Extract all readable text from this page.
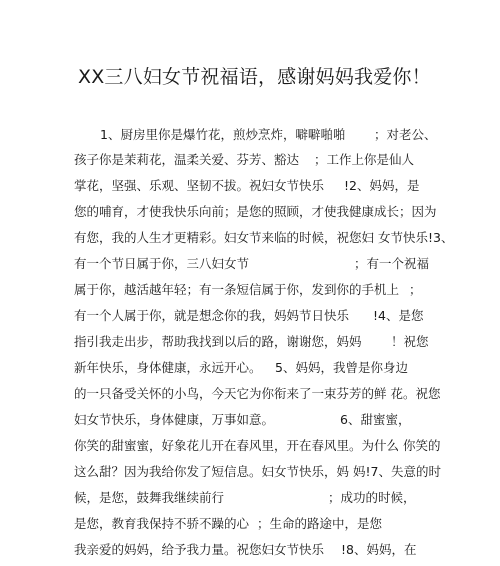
XX三八妇女节祝福语，感谢妈妈我爱你！
1、厨房里你是爆竹花，煎炒烹炸，噼噼啪啪 ；对老公、
孩子你是茉莉花，温柔关爱、芬芳、豁达 ；工作上你是仙人
掌花，坚强、乐观、坚韧不拔。祝妇女节快乐 !2、妈妈，是
您的哺育，才使我快乐向前；是您的照顾，才使我健康成长；因为
有您，我的人生才更精彩。妇女节来临的时候，祝您妇 女节快乐!3、
有一个节日属于你，三八妇女节	；有一个祝福
属于你，越活越年轻；有一条短信属于你，发到你的手机上 ；
有一个人属于你，就是想念你的我，妈妈节日快乐 !4、是您
指引我走出步，帮助我找到以后的路，谢谢您，妈妈 ！祝您
新年快乐，身体健康，永远开心。 5、妈妈，我曾是你身边
的一只备受关怀的小鸟，今天它为你衔来了一束芬芳的鲜 花。祝您
妇女节快乐，身体健康，万事如意。	6、甜蜜蜜，
你笑的甜蜜蜜，好象花儿开在春风里，开在春风里。为什么 你笑的
这么甜？因为我给你发了短信息。妇女节快乐，妈 妈!7、失意的时
候，是您，鼓舞我继续前行	；成功的时候，
是您，教育我保持不骄不躁的心 ；生命的路途中，是您
我亲爱的妈妈，给予我力量。祝您妇女节快乐 !8、妈妈，在
